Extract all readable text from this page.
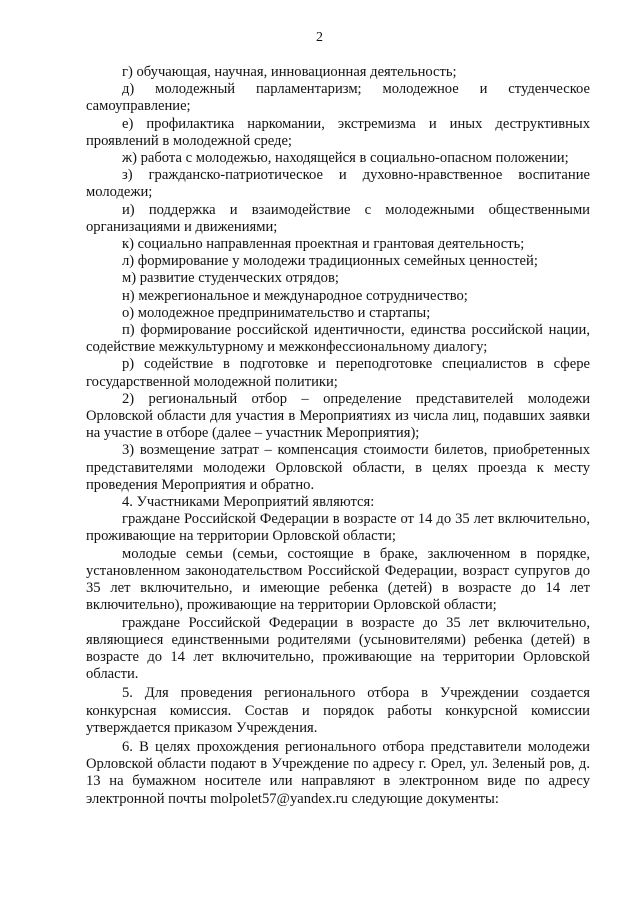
2

г) обучающая, научная, инновационная деятельность;

д) молодежный парламентаризм; молодежное и студенческое самоуправление;

е) профилактика наркомании, экстремизма и иных деструктивных проявлений в молодежной среде;

ж) работа с молодежью, находящейся в социально-опасном положении;

з) гражданско-патриотическое и духовно-нравственное воспитание молодежи;

и) поддержка и взаимодействие с молодежными общественными организациями и движениями;

к) социально направленная проектная и грантовая деятельность;

л) формирование у молодежи традиционных семейных ценностей;

м) развитие студенческих отрядов;

н) межрегиональное и международное сотрудничество;

о) молодежное предпринимательство и стартапы;

п) формирование российской идентичности, единства российской нации, содействие межкультурному и межконфессиональному диалогу;

р) содействие в подготовке и переподготовке специалистов в сфере государственной молодежной политики;

2) региональный отбор – определение представителей молодежи Орловской области для участия в Мероприятиях из числа лиц, подавших заявки на участие в отборе (далее – участник Мероприятия);

3) возмещение затрат – компенсация стоимости билетов, приобретенных представителями молодежи Орловской области, в целях проезда к месту проведения Мероприятия и обратно.

4. Участниками Мероприятий являются:

граждане Российской Федерации в возрасте от 14 до 35 лет включительно, проживающие на территории Орловской области;

молодые семьи (семьи, состоящие в браке, заключенном в порядке, установленном законодательством Российской Федерации, возраст супругов до 35 лет включительно, и имеющие ребенка (детей) в возрасте до 14 лет включительно), проживающие на территории Орловской области;

граждане Российской Федерации в возрасте до 35 лет включительно, являющиеся единственными родителями (усыновителями) ребенка (детей) в возрасте до 14 лет включительно, проживающие на территории Орловской области.

5. Для проведения регионального отбора в Учреждении создается конкурсная комиссия. Состав и порядок работы конкурсной комиссии утверждается приказом Учреждения.

6. В целях прохождения регионального отбора представители молодежи Орловской области подают в Учреждение по адресу г. Орел, ул. Зеленый ров, д. 13 на бумажном носителе или направляют в электронном виде по адресу электронной почты molpolet57@yandex.ru следующие документы:
